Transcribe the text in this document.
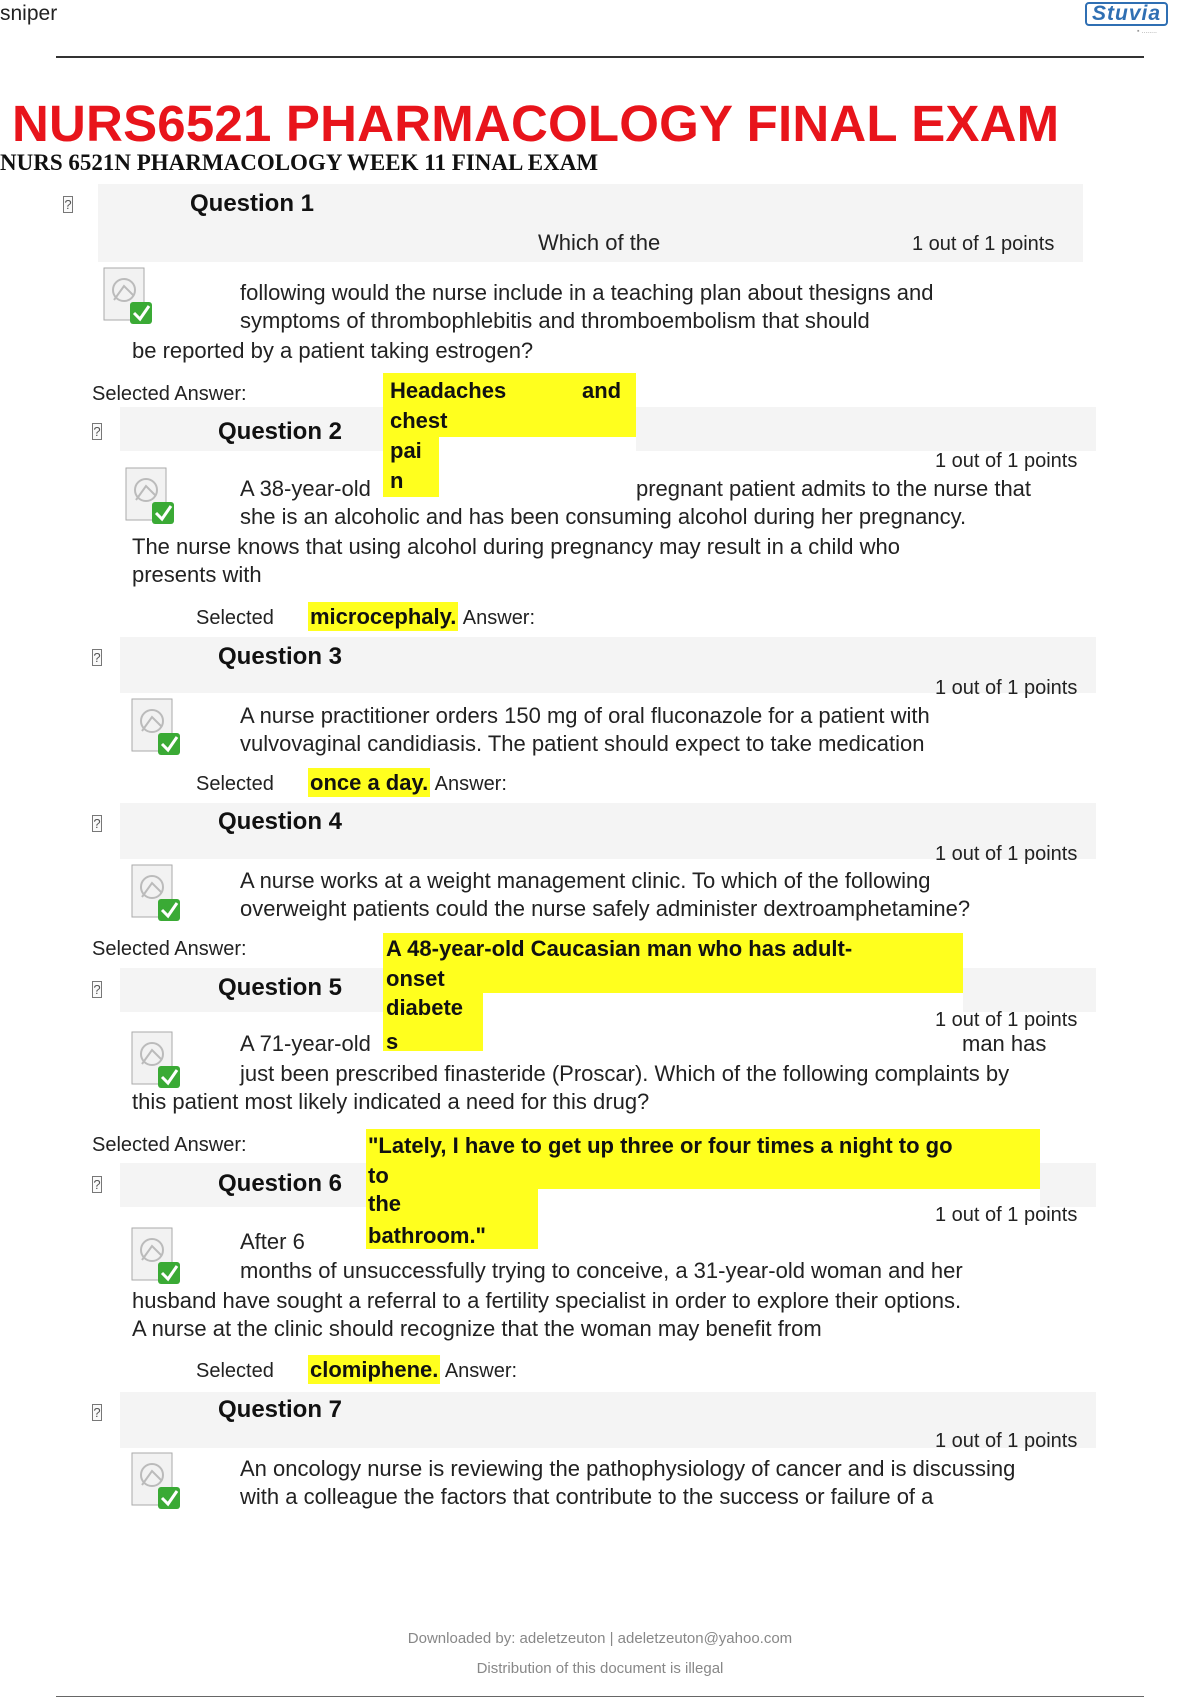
sniper	Stuvia
▪ ........
NURS6521 PHARMACOLOGY FINAL EXAM
NURS 6521N PHARMACOLOGY WEEK 11 FINAL EXAM
?	Question 1
Which of the	1 out of 1 points
following would the nurse include in a teaching plan about thesigns and
symptoms of thrombophlebitis and thromboembolism that should
be reported by a patient taking estrogen?
Selected Answer:	Headaches	and
chest
pai
n
?	Question 2
1 out of 1 points
A 38-year-old	pregnant patient admits to the nurse that
she is an alcoholic and has been consuming alcohol during her pregnancy.
The nurse knows that using alcohol during pregnancy may result in a child who
presents with
Selected microcephaly. Answer:
?	Question 3
1 out of 1 points
A nurse practitioner orders 150 mg of oral fluconazole for a patient with
vulvovaginal candidiasis. The patient should expect to take medication
Selected once a day. Answer:
?	Question 4
1 out of 1 points
A nurse works at a weight management clinic. To which of the following
overweight patients could the nurse safely administer dextroamphetamine?
Selected Answer:	A 48-year-old Caucasian man who has adult-
onset
diabete
s
?	Question 5
1 out of 1 points
A 71-year-old	man has
just been prescribed finasteride (Proscar). Which of the following complaints by
this patient most likely indicated a need for this drug?
Selected Answer:	"Lately, I have to get up three or four times a night to go
to
the
bathroom."
?	Question 6
1 out of 1 points
After 6
months of unsuccessfully trying to conceive, a 31-year-old woman and her
husband have sought a referral to a fertility specialist in order to explore their options.
A nurse at the clinic should recognize that the woman may benefit from
Selected clomiphene. Answer:
?	Question 7
1 out of 1 points
An oncology nurse is reviewing the pathophysiology of cancer and is discussing
with a colleague the factors that contribute to the success or failure of a
Downloaded by: adeletzeuton | adeletzeuton@yahoo.com
Distribution of this document is illegal
